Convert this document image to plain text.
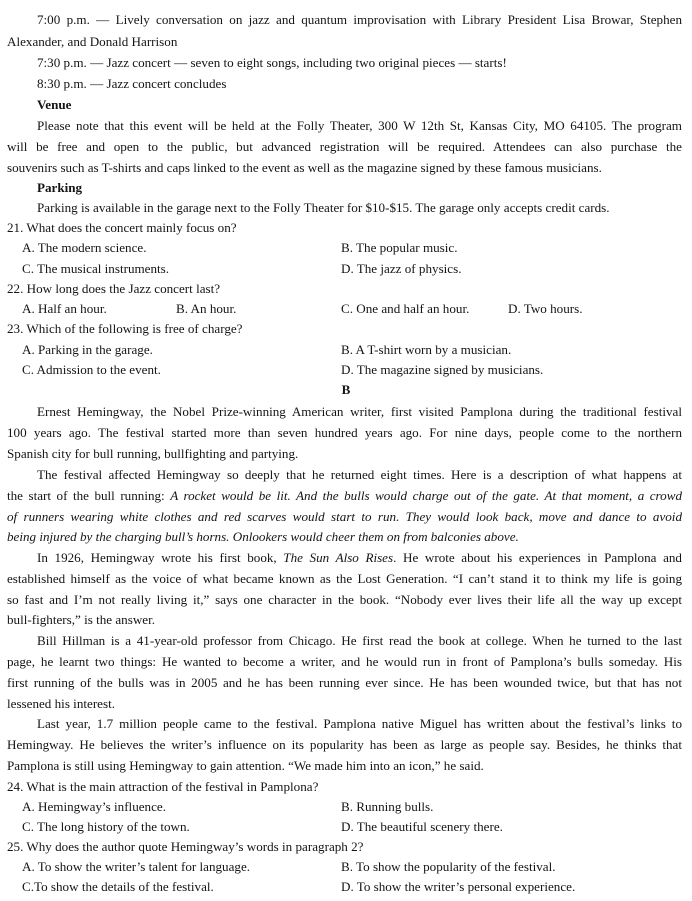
7:00 p.m. — Lively conversation on jazz and quantum improvisation with Library President Lisa Browar, Stephen
Alexander, and Donald Harrison
7:30 p.m. — Jazz concert — seven to eight songs, including two original pieces — starts!
8:30 p.m. — Jazz concert concludes
Venue
Please note that this event will be held at the Folly Theater, 300 W 12th St, Kansas City, MO 64105. The program
will be free and open to the public, but advanced registration will be required. Attendees can also purchase the
souvenirs such as T-shirts and caps linked to the event as well as the magazine signed by these famous musicians.
Parking
Parking is available in the garage next to the Folly Theater for $10-$15. The garage only accepts credit cards.
21. What does the concert mainly focus on?
A. The modern science.	B. The popular music.
C. The musical instruments.	D. The jazz of physics.
22. How long does the Jazz concert last?
A. Half an hour.	B. An hour.	C. One and half an hour.	D. Two hours.
23. Which of the following is free of charge?
A. Parking in the garage.	B. A T-shirt worn by a musician.
C. Admission to the event.	D. The magazine signed by musicians.
B
Ernest Hemingway, the Nobel Prize-winning American writer, first visited Pamplona during the traditional festival
100 years ago. The festival started more than seven hundred years ago. For nine days, people come to the northern
Spanish city for bull running, bullfighting and partying.
The festival affected Hemingway so deeply that he returned eight times. Here is a description of what happens at
the start of the bull running: A rocket would be lit. And the bulls would charge out of the gate. At that moment, a crowd
of runners wearing white clothes and red scarves would start to run. They would look back, move and dance to avoid
being injured by the charging bull’s horns. Onlookers would cheer them on from balconies above.
In 1926, Hemingway wrote his first book, The Sun Also Rises. He wrote about his experiences in Pamplona and
established himself as the voice of what became known as the Lost Generation. “I can’t stand it to think my life is going
so fast and I’m not really living it,” says one character in the book. “Nobody ever lives their life all the way up except
bull-fighters,” is the answer.
Bill Hillman is a 41-year-old professor from Chicago. He first read the book at college. When he turned to the last
page, he learnt two things: He wanted to become a writer, and he would run in front of Pamplona’s bulls someday. His
first running of the bulls was in 2005 and he has been running ever since. He has been wounded twice, but that has not
lessened his interest.
Last year, 1.7 million people came to the festival. Pamplona native Miguel has written about the festival’s links to
Hemingway. He believes the writer’s influence on its popularity has been as large as people say. Besides, he thinks that
Pamplona is still using Hemingway to gain attention. “We made him into an icon,” he said.
24. What is the main attraction of the festival in Pamplona?
A. Hemingway’s influence.	B. Running bulls.
C. The long history of the town.	D. The beautiful scenery there.
25. Why does the author quote Hemingway’s words in paragraph 2?
A. To show the writer’s talent for language.	B. To show the popularity of the festival.
C.To show the details of the festival.	D. To show the writer’s personal experience.
